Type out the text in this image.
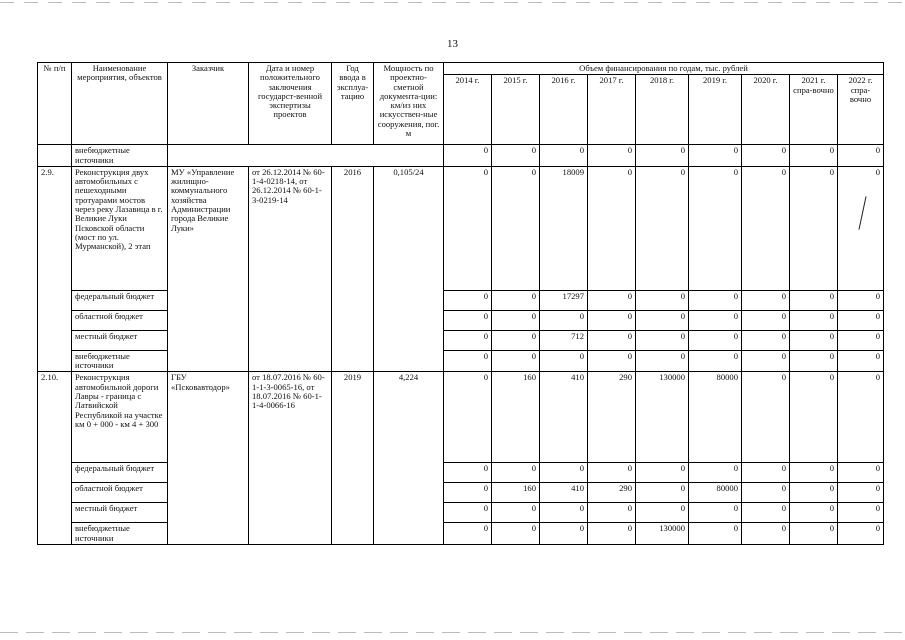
13
№ п/п	Наименование мероприятия, объектов	Заказчик	Дата и номер положительного заключения государст-венной экспертизы проектов	Год ввода в эксплуа-тацию	Мощность по проектно-сметной документа-ции: км/из них искусствен-ные сооружения, пог. м	Объем финансирования по годам, тыс. рублей								
						2014 г.	2015 г.	2016 г.	2017 г.	2018 г.	2019 г.	2020 г.	2021 г. спра-вочно	2022 г. спра-вочно
	внебюджетные источники					0	0	0	0	0	0	0	0	0
2.9.	Реконструкция двух автомобильных с пешеходными тротуарами мостов через реку Лазавица в г. Великие Луки Псковской области (мост по ул. Мурманской), 2 этап	МУ «Управление жилищно-коммунального хозяйства Администрации города Великие Луки»	от 26.12.2014 № 60-1-4-0218-14, от 26.12.2014 № 60-1-3-0219-14	2016	0,105/24	0	0	18009	0	0	0	0	0	0
	федеральный бюджет					0	0	17297	0	0	0	0	0	0
	областной бюджет					0	0	0	0	0	0	0	0	0
	местный бюджет					0	0	712	0	0	0	0	0	0
	внебюджетные источники					0	0	0	0	0	0	0	0	0
2.10.	Реконструкция автомобильной дороги Лавры - граница с Латвийской Республикой на участке км 0 + 000 - км 4 + 300	ГБУ «Псковавтодор»	от 18.07.2016 № 60-1-1-3-0065-16, от 18.07.2016 № 60-1-1-4-0066-16	2019	4,224	0	160	410	290	130000	80000	0	0	0
	федеральный бюджет					0	0	0	0	0	0	0	0	0
	областной бюджет					0	160	410	290	0	80000	0	0	0
	местный бюджет					0	0	0	0	0	0	0	0	0
	внебюджетные источники					0	0	0	0	130000	0	0	0	0
